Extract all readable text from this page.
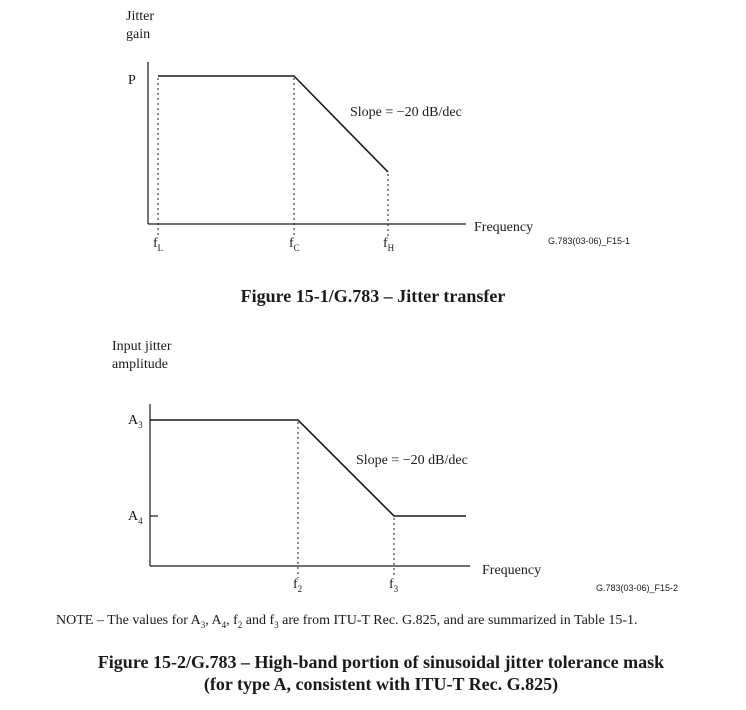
Jitter
gain
P
Slope = −20 dB/dec
Frequency
$f_L$	$f_C$	$f_H$
G.783(03-06)_F15-1
Figure 15-1/G.783 – Jitter transfer
Input jitter
amplitude
$A_3$
$A_4$
Slope = −20 dB/dec
Frequency
$f_2$	$f_3$	G.783(03-06)_F15-2
NOTE – The values for $A_3$, $A_4$, $f_2$ and $f_3$ are from ITU-T Rec. G.825, and are summarized in Table 15-1.
Figure 15-2/G.783 – High-band portion of sinusoidal jitter tolerance mask
(for type A, consistent with ITU-T Rec. G.825)
